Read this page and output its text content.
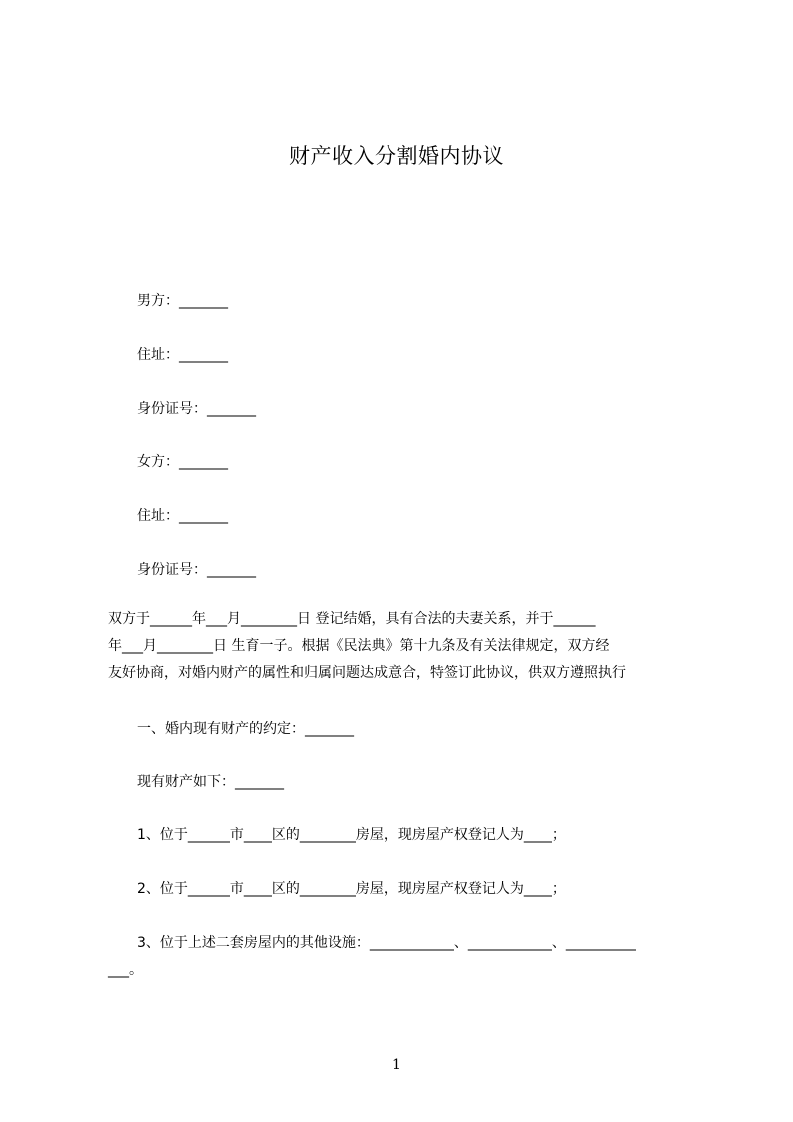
财产收入分割婚内协议
男方：_______
住址：_______
身份证号：_______
女方：_______
住址：_______
身份证号：_______
双方于______年___月________日 登记结婚，具有合法的夫妻关系，并于______
年___月________日 生育一子。根据《民法典》第十九条及有关法律规定，双方经
友好协商，对婚内财产的属性和归属问题达成意合，特签订此协议，供双方遵照执行
一、婚内现有财产的约定：_______
现有财产如下：_______
1、位于______市____区的________房屋，现房屋产权登记人为____；
2、位于______市____区的________房屋，现房屋产权登记人为____；
3、位于上述二套房屋内的其他设施：____________、____________、__________
___。
1
